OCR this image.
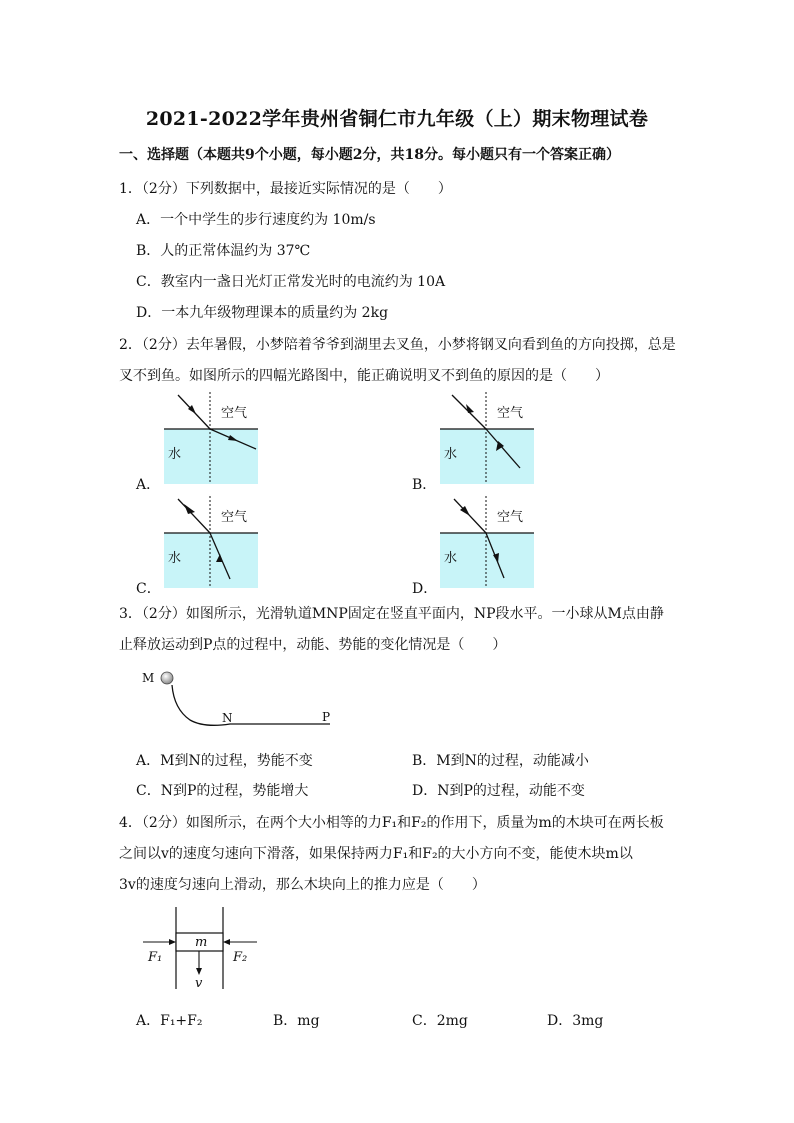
2021-2022学年贵州省铜仁市九年级（上）期末物理试卷
一、选择题（本题共9个小题，每小题2分，共18分。每小题只有一个答案正确）
1．（2分）下列数据中，最接近实际情况的是（　　）
A．一个中学生的步行速度约为 10m/s
B．人的正常体温约为 37℃
C．教室内一盏日光灯正常发光时的电流约为 10A
D．一本九年级物理课本的质量约为 2kg
2．（2分）去年暑假，小梦陪着爷爷到湖里去叉鱼，小梦将钢叉向看到鱼的方向投掷，总是
叉不到鱼。如图所示的四幅光路图中，能正确说明叉不到鱼的原因的是（　　）
空气
水
A．
空气
水
B．
空气
水
C．
空气
水
D．
3．（2分）如图所示，光滑轨道MNP固定在竖直平面内，NP段水平。一小球从M点由静
止释放运动到P点的过程中，动能、势能的变化情况是（　　）
M
N	P
A．M到N的过程，势能不变	B．M到N的过程，动能减小
C．N到P的过程，势能增大	D．N到P的过程，动能不变
4．（2分）如图所示，在两个大小相等的力F₁和F₂的作用下，质量为m的木块可在两长板
之间以v的速度匀速向下滑落，如果保持两力F₁和F₂的大小方向不变，能使木块m以
3v的速度匀速向上滑动，那么木块向上的推力应是（　　）
m
F₁	F₂
v
A．F₁+F₂	B．mg	C．2mg	D．3mg
